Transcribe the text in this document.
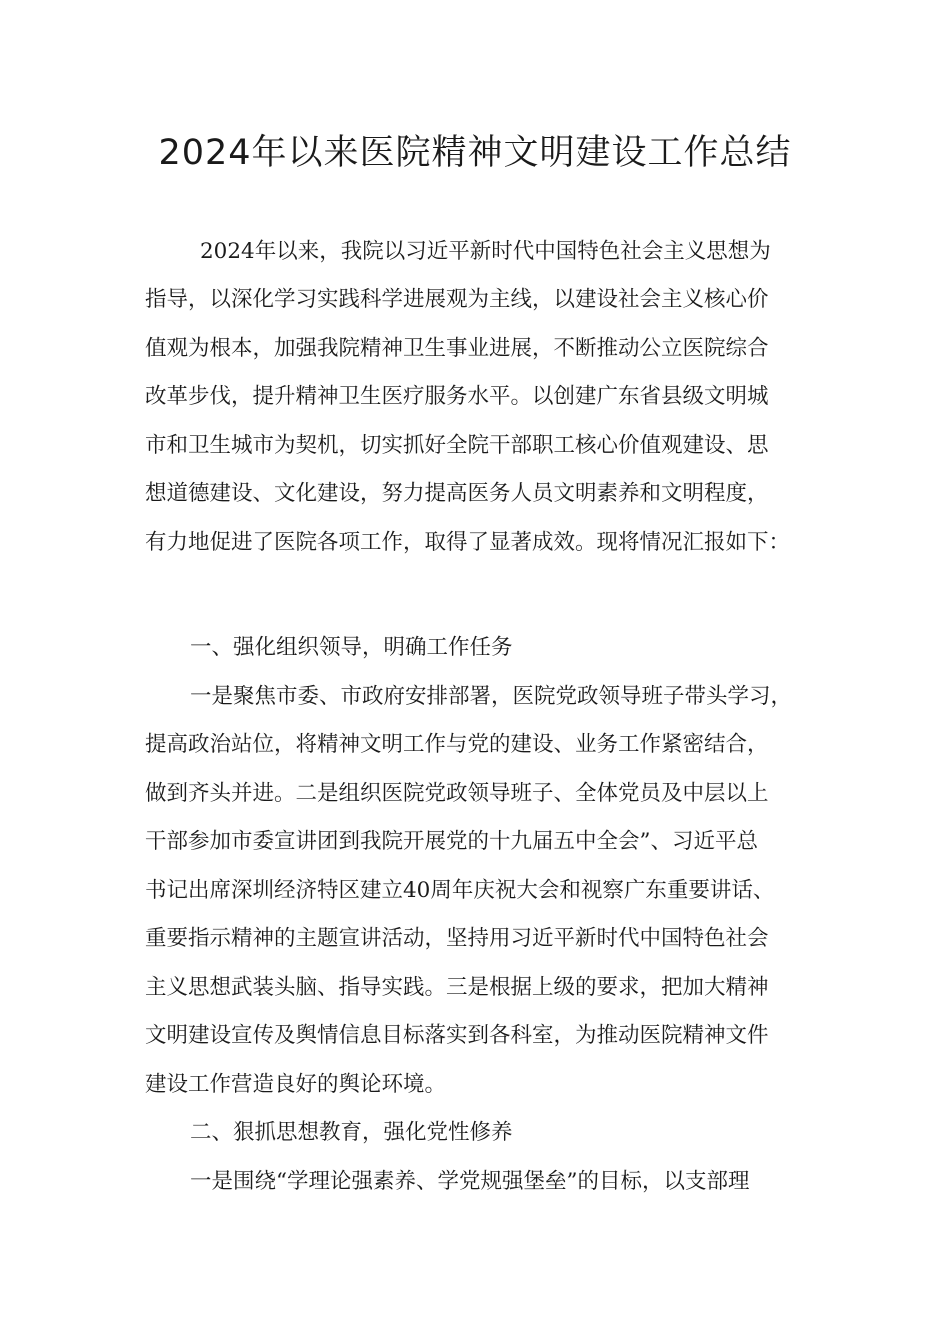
2024年以来医院精神文明建设工作总结

2024年以来，我院以习近平新时代中国特色社会主义思想为

指导，以深化学习实践科学进展观为主线，以建设社会主义核心价

值观为根本，加强我院精神卫生事业进展，不断推动公立医院综合

改革步伐，提升精神卫生医疗服务水平。以创建广东省县级文明城

市和卫生城市为契机，切实抓好全院干部职工核心价值观建设、思

想道德建设、文化建设，努力提高医务人员文明素养和文明程度，

有力地促进了医院各项工作，取得了显著成效。现将情况汇报如下：

一、强化组织领导，明确工作任务

一是聚焦市委、市政府安排部署，医院党政领导班子带头学习，

提高政治站位，将精神文明工作与党的建设、业务工作紧密结合，

做到齐头并进。二是组织医院党政领导班子、全体党员及中层以上

干部参加市委宣讲团到我院开展党的十九届五中全会”、习近平总

书记出席深圳经济特区建立40周年庆祝大会和视察广东重要讲话、

重要指示精神的主题宣讲活动，坚持用习近平新时代中国特色社会

主义思想武装头脑、指导实践。三是根据上级的要求，把加大精神

文明建设宣传及舆情信息目标落实到各科室，为推动医院精神文件

建设工作营造良好的舆论环境。

二、狠抓思想教育，强化党性修养

一是围绕“学理论强素养、学党规强堡垒”的目标，以支部理
